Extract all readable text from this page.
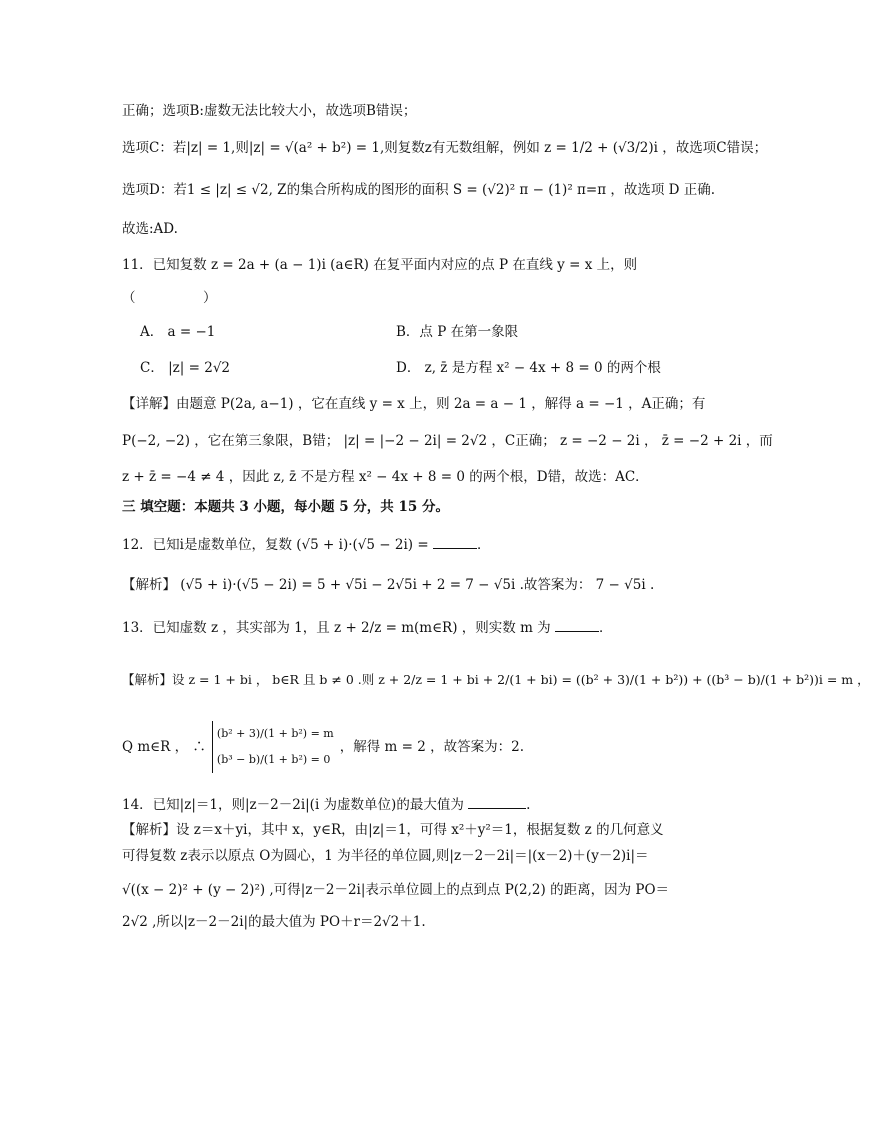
正确；选项B:虚数无法比较大小，故选项B错误；
选项C：若|z| = 1,则|z| = √(a² + b²) = 1,则复数z有无数组解，例如 z = 1/2 + (√3/2)i ，故选项C错误；
选项D：若1 ≤ |z| ≤ √2, Z的集合所构成的图形的面积 S = (√2)² π − (1)² π=π ，故选项 D 正确.
故选:AD.
11．已知复数 z = 2a + (a − 1)i (a∈R) 在复平面内对应的点 P 在直线 y = x 上，则
（　　　　　）
A． a = −1	B．点 P 在第一象限
C． |z| = 2√2	D． z, z̄ 是方程 x² − 4x + 8 = 0 的两个根
【详解】由题意 P(2a, a−1) ，它在直线 y = x 上，则 2a = a − 1 ，解得 a = −1 ，A正确；有
P(−2, −2) ，它在第三象限，B错； |z| = |−2 − 2i| = 2√2 ，C正确； z = −2 − 2i ， z̄ = −2 + 2i ，而
z + z̄ = −4 ≠ 4 ，因此 z, z̄ 不是方程 x² − 4x + 8 = 0 的两个根，D错，故选：AC．
三 填空题：本题共 3 小题，每小题 5 分，共 15 分。
12．已知i是虚数单位，复数 (√5 + i)·(√5 − 2i) =	．
【解析】 (√5 + i)·(√5 − 2i) = 5 + √5i − 2√5i + 2 = 7 − √5i .故答案为： 7 − √5i .
13．已知虚数 z ，其实部为 1，且 z + 2/z = m(m∈R) ，则实数 m 为	．
【解析】设 z = 1 + bi ， b∈R 且 b ≠ 0 .则 z + 2/z = 1 + bi + 2/(1 + bi) = ((b² + 3)/(1 + b²)) + ((b³ − b)/(1 + b²))i = m ，
Q m∈R ， ∴
(b² + 3)/(1 + b²) = m
(b³ − b)/(1 + b²) = 0
，解得 m = 2 ，故答案为：2.
14．已知|z|＝1，则|z－2－2i|(i 为虚数单位)的最大值为	.
【解析】设 z＝x＋yi，其中 x，y∈R，由|z|＝1，可得 x²＋y²＝1，根据复数 z 的几何意义
可得复数 z表示以原点 O为圆心，1 为半径的单位圆,则|z－2－2i|＝|(x－2)＋(y－2)i|＝
√((x − 2)² + (y − 2)²) ,可得|z－2－2i|表示单位圆上的点到点 P(2,2) 的距离，因为 PO＝
2√2 ,所以|z－2－2i|的最大值为 PO＋r＝2√2＋1.
